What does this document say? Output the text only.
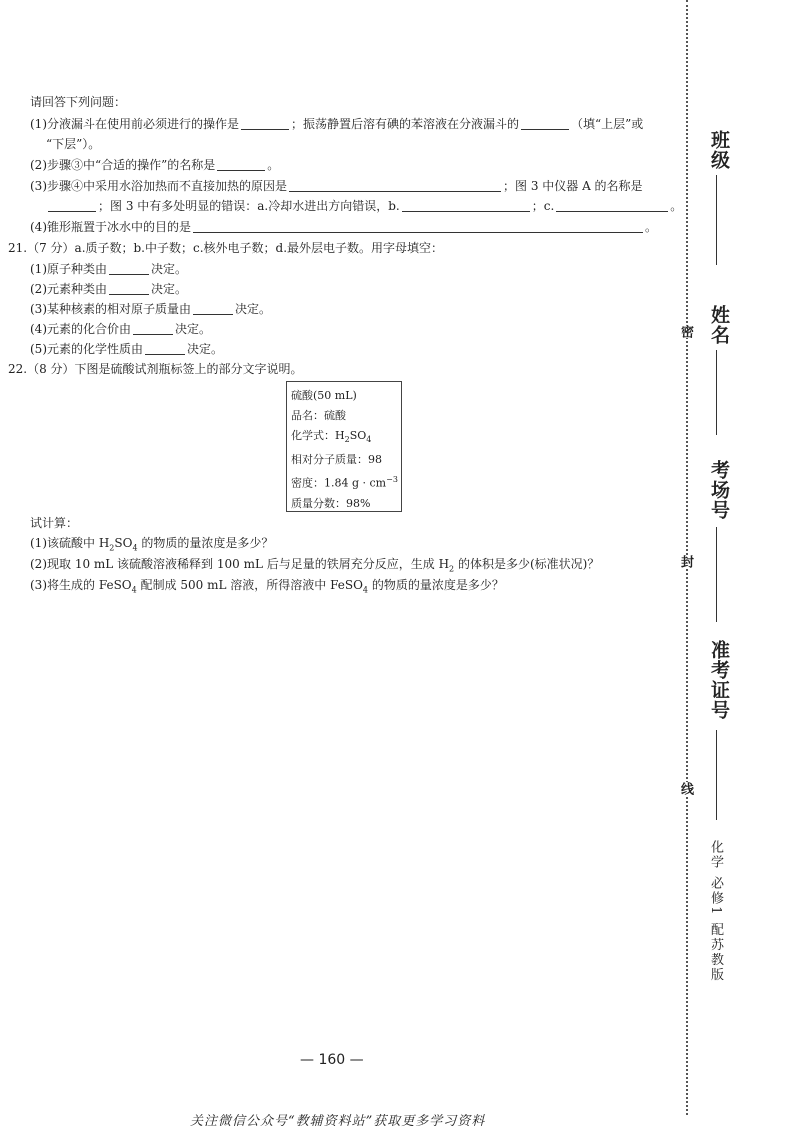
请回答下列问题：
(1)分液漏斗在使用前必须进行的操作是	；振荡静置后溶有碘的苯溶液在分液漏斗的	（填“上层”或
“下层”）。
(2)步骤③中“合适的操作”的名称是	。
(3)步骤④中采用水浴加热而不直接加热的原因是	；图 3 中仪器 A 的名称是
；图 3 中有多处明显的错误：a.冷却水进出方向错误，b.	；c.	。
(4)锥形瓶置于冰水中的目的是	。
21.（7 分）a.质子数；b.中子数；c.核外电子数；d.最外层电子数。用字母填空：
(1)原子种类由	决定。
(2)元素种类由	决定。
(3)某种核素的相对原子质量由	决定。
(4)元素的化合价由	决定。
(5)元素的化学性质由	决定。
22.（8 分）下图是硫酸试剂瓶标签上的部分文字说明。
硫酸(50 mL)
品名：硫酸
化学式：$H_2SO_4$
相对分子质量：98
密度：1.84 $g \cdot cm^{-3}$
质量分数：98%
试计算：
(1)该硫酸中 $H_2SO_4$ 的物质的量浓度是多少？
(2)现取 10 mL 该硫酸溶液稀释到 100 mL 后与足量的铁屑充分反应，生成 $H_2$ 的体积是多少(标准状况)？
(3)将生成的 FeSO$_4$ 配制成 500 mL 溶液，所得溶液中 FeSO$_4$ 的物质的量浓度是多少？
— 160 —
关注微信公众号“教辅资料站”获取更多学习资料
班级
密 姓名
考场号
封
准考证号
线
化学 必修1 配苏教版
